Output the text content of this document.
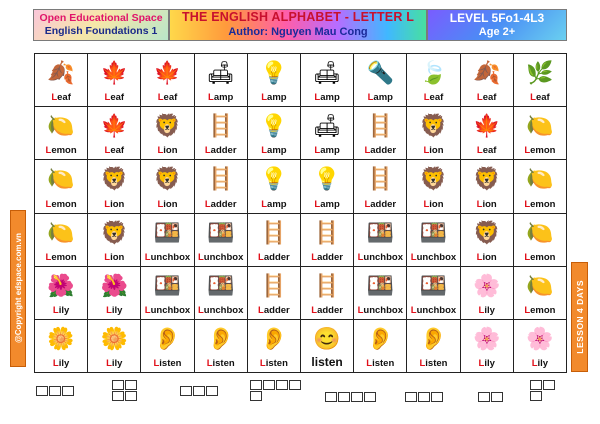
Open Educational Space
English Foundations 1
THE ENGLISH ALPHABET - LETTER L
Author: Nguyen Mau Cong
LEVEL 5Fo1-4L3
Age 2+
@Copyright edspace.com.vn	LESSON 4 DAYS
🍂
Leaf
🍁
Leaf
🍁
Leaf
🛋
Lamp
💡
Lamp
🛋
Lamp
🔦
Lamp
🍃
Leaf
🍂
Leaf
🌿
Leaf
🍋
Lemon
🍁
Leaf
🦁
Lion
🪜
Ladder
💡
Lamp
🛋
Lamp
🪜
Ladder
🦁
Lion
🍁
Leaf
🍋
Lemon
🍋
Lemon
🦁
Lion
🦁
Lion
🪜
Ladder
💡
Lamp
💡
Lamp
🪜
Ladder
🦁
Lion
🦁
Lion
🍋
Lemon
🍋
Lemon
🦁
Lion
🍱
Lunchbox
🍱
Lunchbox
🪜
Ladder
🪜
Ladder
🍱
Lunchbox
🍱
Lunchbox
🦁
Lion
🍋
Lemon
🌺
Lily
🌺
Lily
🍱
Lunchbox
🍱
Lunchbox
🪜
Ladder
🪜
Ladder
🍱
Lunchbox
🍱
Lunchbox
🌸
Lily
🍋
Lemon
🌼
Lily
🌼
Lily
👂
Listen
👂
Listen
👂
Listen
😊
listen
👂
Listen
👂
Listen
🌸
Lily
🌸
Lily
